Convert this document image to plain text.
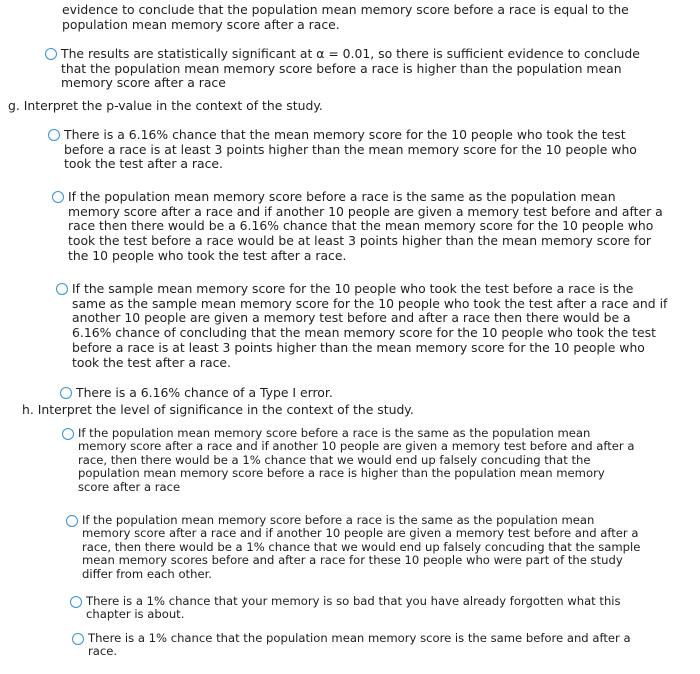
evidence to conclude that the population mean memory score before a race is equal to the
population mean memory score after a race.
The results are statistically significant at α = 0.01, so there is sufficient evidence to conclude
that the population mean memory score before a race is higher than the population mean
memory score after a race
g. Interpret the p-value in the context of the study.
There is a 6.16% chance that the mean memory score for the 10 people who took the test
before a race is at least 3 points higher than the mean memory score for the 10 people who
took the test after a race.
If the population mean memory score before a race is the same as the population mean
memory score after a race and if another 10 people are given a memory test before and after a
race then there would be a 6.16% chance that the mean memory score for the 10 people who
took the test before a race would be at least 3 points higher than the mean memory score for
the 10 people who took the test after a race.
If the sample mean memory score for the 10 people who took the test before a race is the
same as the sample mean memory score for the 10 people who took the test after a race and if
another 10 people are given a memory test before and after a race then there would be a
6.16% chance of concluding that the mean memory score for the 10 people who took the test
before a race is at least 3 points higher than the mean memory score for the 10 people who
took the test after a race.
There is a 6.16% chance of a Type I error.
h. Interpret the level of significance in the context of the study.
If the population mean memory score before a race is the same as the population mean
memory score after a race and if another 10 people are given a memory test before and after a
race, then there would be a 1% chance that we would end up falsely concuding that the
population mean memory score before a race is higher than the population mean memory
score after a race
If the population mean memory score before a race is the same as the population mean
memory score after a race and if another 10 people are given a memory test before and after a
race, then there would be a 1% chance that we would end up falsely concuding that the sample
mean memory scores before and after a race for these 10 people who were part of the study
differ from each other.
There is a 1% chance that your memory is so bad that you have already forgotten what this
chapter is about.
There is a 1% chance that the population mean memory score is the same before and after a
race.
